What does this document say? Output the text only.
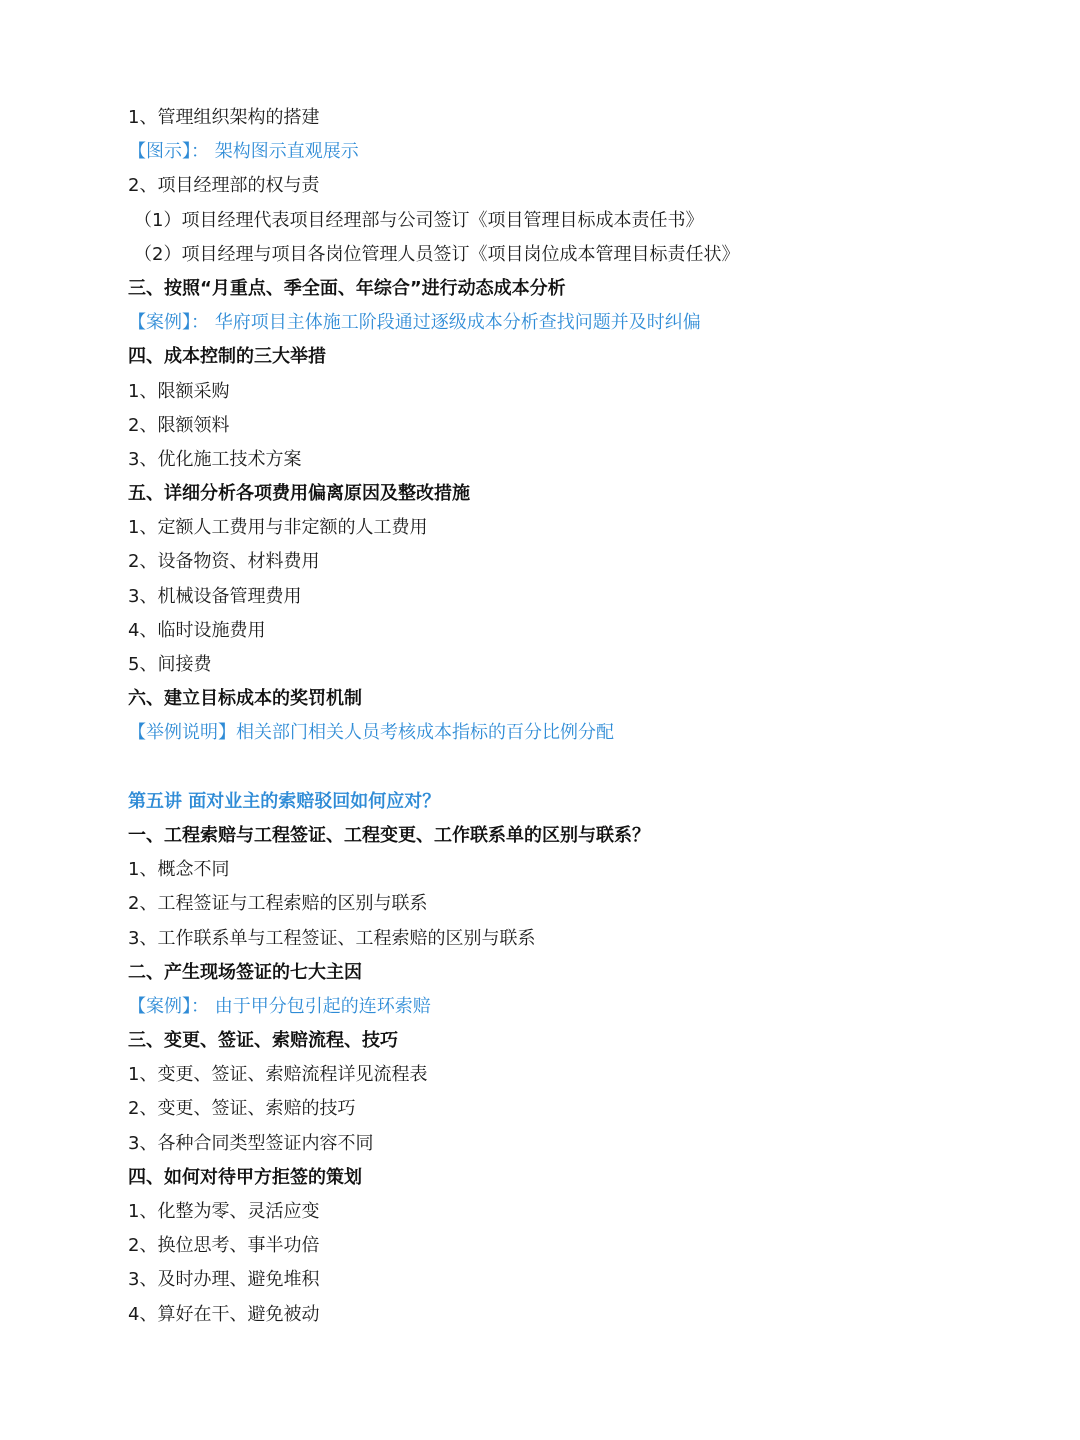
1、管理组织架构的搭建
【图示】： 架构图示直观展示
2、项目经理部的权与责
（1）项目经理代表项目经理部与公司签订《项目管理目标成本责任书》
（2）项目经理与项目各岗位管理人员签订《项目岗位成本管理目标责任状》
三、按照“月重点、季全面、年综合”进行动态成本分析
【案例】： 华府项目主体施工阶段通过逐级成本分析查找问题并及时纠偏
四、成本控制的三大举措
1、限额采购
2、限额领料
3、优化施工技术方案
五、详细分析各项费用偏离原因及整改措施
1、定额人工费用与非定额的人工费用
2、设备物资、材料费用
3、机械设备管理费用
4、临时设施费用
5、间接费
六、建立目标成本的奖罚机制
【举例说明】相关部门相关人员考核成本指标的百分比例分配
第五讲 面对业主的索赔驳回如何应对？
一、工程索赔与工程签证、工程变更、工作联系单的区别与联系？
1、概念不同
2、工程签证与工程索赔的区别与联系
3、工作联系单与工程签证、工程索赔的区别与联系
二、产生现场签证的七大主因
【案例】： 由于甲分包引起的连环索赔
三、变更、签证、索赔流程、技巧
1、变更、签证、索赔流程详见流程表
2、变更、签证、索赔的技巧
3、各种合同类型签证内容不同
四、如何对待甲方拒签的策划
1、化整为零、灵活应变
2、换位思考、事半功倍
3、及时办理、避免堆积
4、算好在干、避免被动
